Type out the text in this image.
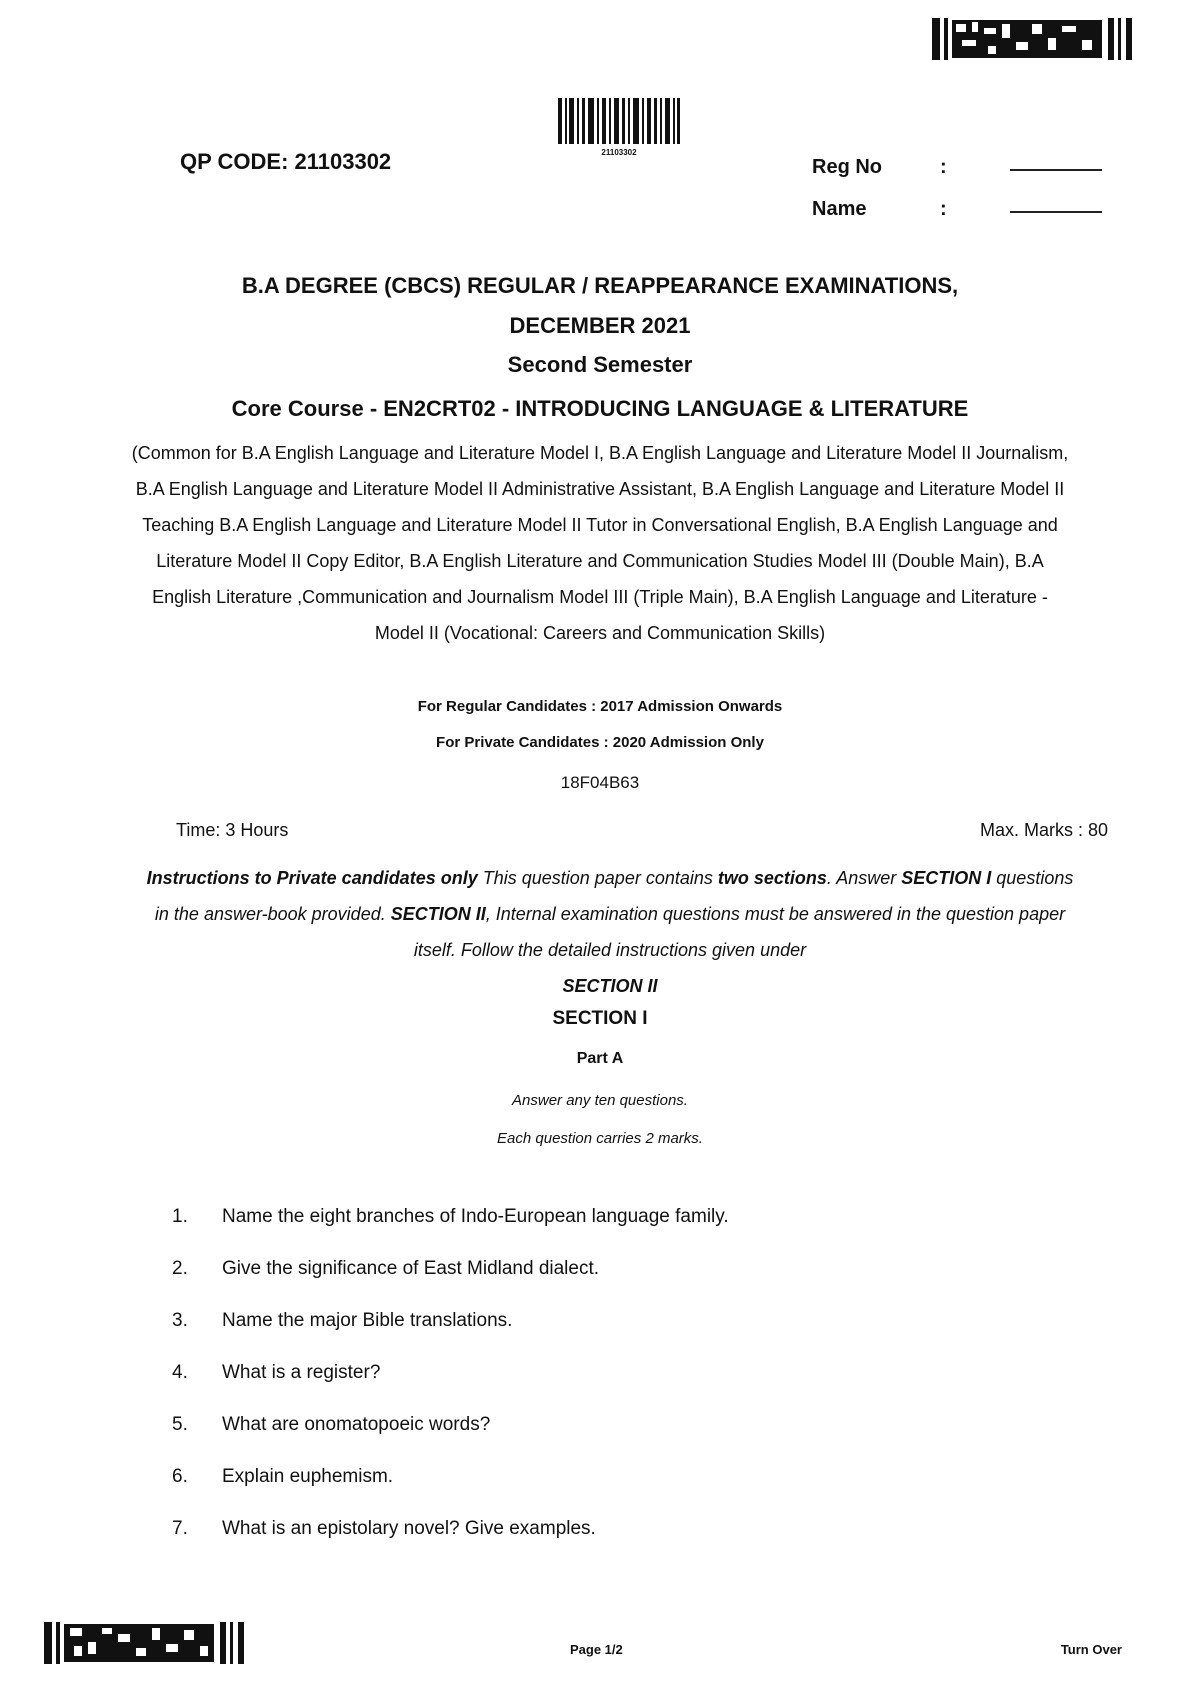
21103302
QP CODE: 21103302	Reg No	:
Name	:
B.A DEGREE (CBCS) REGULAR / REAPPEARANCE EXAMINATIONS,
DECEMBER 2021
Second Semester
Core Course - EN2CRT02 - INTRODUCING LANGUAGE & LITERATURE
(Common for B.A English Language and Literature Model I, B.A English Language and Literature Model II Journalism, B.A English Language and Literature Model II Administrative Assistant, B.A English Language and Literature Model II Teaching B.A English Language and Literature Model II Tutor in Conversational English, B.A English Language and Literature Model II Copy Editor, B.A English Literature and Communication Studies Model III (Double Main), B.A English Literature ,Communication and Journalism Model III (Triple Main), B.A English Language and Literature - Model II (Vocational: Careers and Communication Skills)
For Regular Candidates : 2017 Admission Onwards
For Private Candidates : 2020 Admission Only
18F04B63
Time: 3 Hours	Max. Marks : 80
Instructions to Private candidates only This question paper contains two sections. Answer SECTION I questions in the answer-book provided. SECTION II, Internal examination questions must be answered in the question paper itself. Follow the detailed instructions given under
SECTION II
SECTION I
Part A
Answer any ten questions.
Each question carries 2 marks.
1.	Name the eight branches of Indo-European language family.
2.	Give the significance of East Midland dialect.
3.	Name the major Bible translations.
4.	What is a register?
5.	What are onomatopoeic words?
6.	Explain euphemism.
7.	What is an epistolary novel? Give examples.
Page 1/2	Turn Over
